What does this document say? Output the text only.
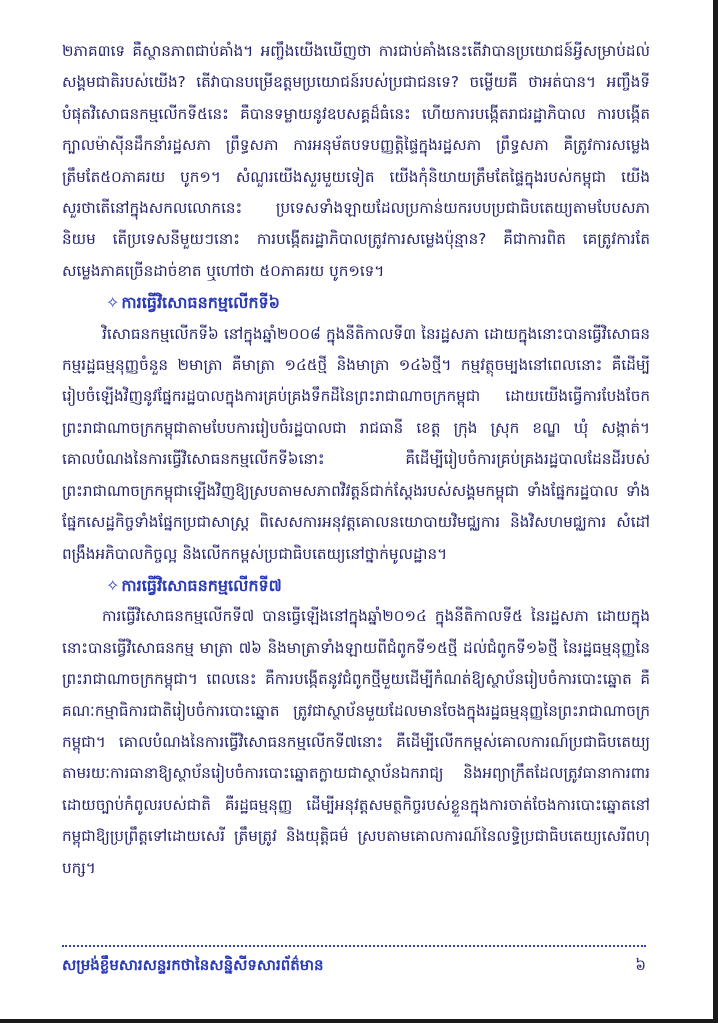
២ភាគ៣ទេ គឺស្ថានភាពជាប់គាំង។ អញ្ចឹងយើងឃើញថា ការជាប់គាំងនេះតើវាបានប្រយោជន៍អ្វីសម្រាប់ដល់សង្គមជាតិរបស់យើង? តើវាបានបម្រើឧត្តមប្រយោជន៍របស់ប្រជាជនទេ? ចម្លើយគឺ ថាអត់បាន។ អញ្ចឹងទីបំផុតវិសោធនកម្មលើកទី៥នេះ គឺបានទម្លាយនូវឧបសគ្គដ៏ធំនេះ ហើយការបង្កើតរាជរដ្ឋាភិបាល ការបង្កើតក្បាលម៉ាស៊ីនដឹកនាំរដ្ឋសភា ព្រឹទ្ធសភា ការអនុម័តបទបញ្ញត្តិផ្ទៃក្នុងរដ្ឋសភា ព្រឹទ្ធសភា គឺត្រូវការសម្លេងត្រឹមតែ៥០ភាគរយ បូក១។ សំណួរយើងសួរមួយទៀត យើងកុំនិយាយត្រឹមតែផ្ទៃក្នុងរបស់កម្ពុជា យើងសួរថាតើនៅក្នុងសកលលោកនេះ ប្រទេសទាំងឡាយដែលប្រកាន់យករបបប្រជាធិបតេយ្យតាមបែបសភានិយម តើប្រទេសនីមួយៗនោះ ការបង្កើតរដ្ឋាភិបាលត្រូវការសម្លេងប៉ុន្មាន? គឺជាការពិត គេត្រូវការតែសម្លេងភាគច្រើនដាច់ខាត ឬហៅថា ៥០ភាគរយ បូក១ទេ។

✧ ការធ្វើវិសោធនកម្មលើកទី៦

វិសោធនកម្មលើកទី៦ នៅក្នុងឆ្នាំ២០០៨ ក្នុងនីតិកាលទី៣ នៃរដ្ឋសភា ដោយក្នុងនោះបានធ្វើវិសោធនកម្មរដ្ឋធម្មនុញ្ញចំនួន ២មាត្រា គឺមាត្រា ១៤៥ថ្មី និងមាត្រា ១៤៦ថ្មី។ កម្មវត្ថុចម្បងនៅពេលនោះ គឺដើម្បីរៀបចំឡើងវិញនូវផ្នែករដ្ឋបាលក្នុងការគ្រប់គ្រងទឹកដីនៃព្រះរាជាណាចក្រកម្ពុជា ដោយយើងធ្វើការបែងចែកព្រះរាជាណាចក្រកម្ពុជាតាមបែបការរៀបចំរដ្ឋបាលជា រាជធានី ខេត្ត ក្រុង ស្រុក ខណ្ឌ ឃុំ សង្កាត់។ គោលបំណងនៃការធ្វើវិសោធនកម្មលើកទី៦នោះ គឺដើម្បីរៀបចំការគ្រប់គ្រងរដ្ឋបាលដែនដីរបស់ព្រះរាជាណាចក្រកម្ពុជាឡើងវិញឱ្យស្របតាមសភាពវិវត្តន៍ជាក់ស្តែងរបស់សង្គមកម្ពុជា ទាំងផ្នែករដ្ឋបាល ទាំងផ្នែកសេដ្ឋកិច្ចទាំងផ្នែកប្រជាសាស្ត្រ ពិសេសការអនុវត្តគោលនយោបាយវិមជ្ឈការ និងវិសហមជ្ឈការ សំដៅពង្រឹងអភិបាលកិច្ចល្អ និងលើកកម្ពស់ប្រជាធិបតេយ្យនៅថ្នាក់មូលដ្ឋាន។

✧ ការធ្វើវិសោធនកម្មលើកទី៧

ការធ្វើវិសោធនកម្មលើកទី៧ បានធ្វើឡើងនៅក្នុងឆ្នាំ២០១៤ ក្នុងនីតិកាលទី៥ នៃរដ្ឋសភា ដោយក្នុងនោះបានធ្វើវិសោធនកម្ម មាត្រា ៧៦ និងមាត្រាទាំងឡាយពីជំពូកទី១៥ថ្មី ដល់ជំពូកទី១៦ថ្មី នៃរដ្ឋធម្មនុញ្ញនៃព្រះរាជាណាចក្រកម្ពុជា។ ពេលនេះ គឺការបង្កើតនូវជំពូកថ្មីមួយដើម្បីកំណត់ឱ្យស្ថាប័នរៀបចំការបោះឆ្នោត គឺគណៈកម្មាធិការជាតិរៀបចំការបោះឆ្នោត ត្រូវជាស្ថាប័នមួយដែលមានចែងក្នុងរដ្ឋធម្មនុញ្ញនៃព្រះរាជាណាចក្រកម្ពុជា។ គោលបំណងនៃការធ្វើវិសោធនកម្មលើកទី៧នោះ គឺដើម្បីលើកកម្ពស់គោលការណ៍ប្រជាធិបតេយ្យតាមរយៈការធានាឱ្យស្ថាប័នរៀបចំការបោះឆ្នោតក្លាយជាស្ថាប័នឯករាជ្យ និងអព្យាក្រឹតដែលត្រូវធានាការពារដោយច្បាប់កំពូលរបស់ជាតិ គឺរដ្ឋធម្មនុញ្ញ ដើម្បីអនុវត្តសមត្ថកិច្ចរបស់ខ្លួនក្នុងការចាត់ចែងការបោះឆ្នោតនៅកម្ពុជាឱ្យប្រព្រឹត្តទៅដោយសេរី ត្រឹមត្រូវ និងយុត្តិធម៌ ស្របតាមគោលការណ៍នៃលទ្ធិប្រជាធិបតេយ្យសេរីពហុបក្ស។

សម្រង់ខ្លឹមសារសន្ទរកថានៃសន្និសីទសារព័ត៌មាន	៦
